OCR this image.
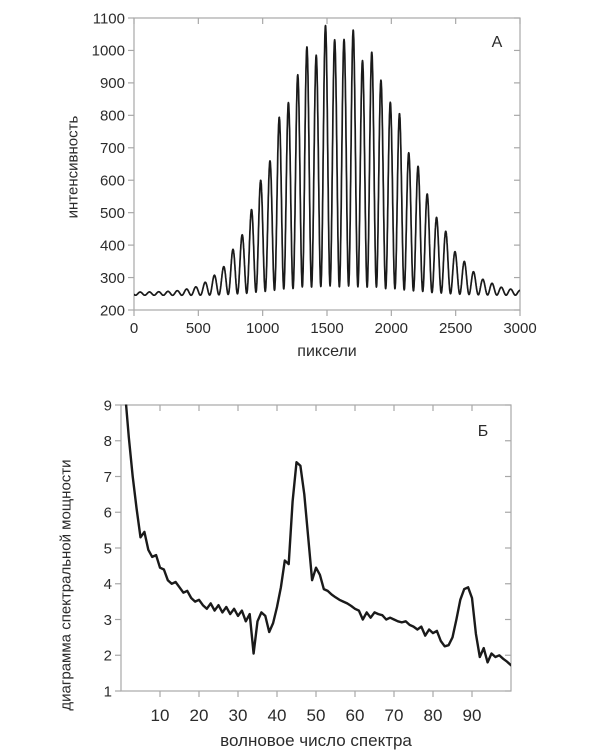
0	500 1000 1500 2000 2500 3000
200
300
400
500
600
700
800
900
1000
1100
10 20 30 40 50 60 70 80 90
1
2
3
4
5
6
7
8
9
интенсивность
пиксели
А
диаграмма спектральной мощности
волновое число спектра
Б
